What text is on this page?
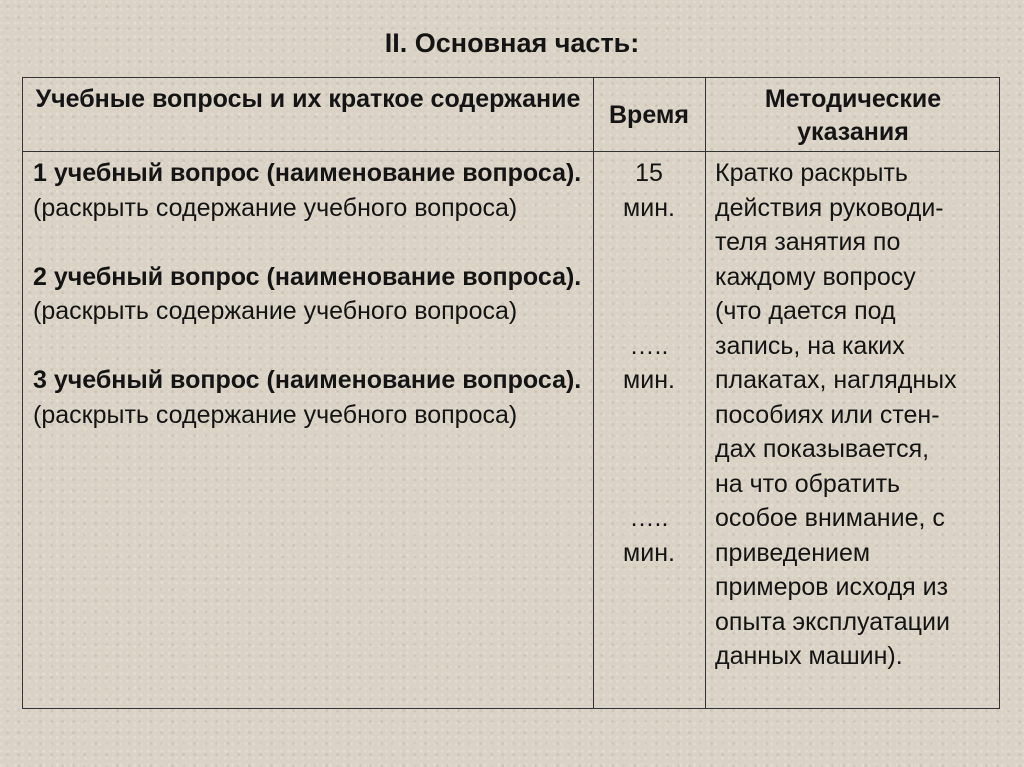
II. Основная часть:
Учебные вопросы и их краткое содержание
Время
Методические указания
1 учебный вопрос (наименование вопроса).
(раскрыть содержание учебного вопроса)
2 учебный вопрос (наименование вопроса).
(раскрыть содержание учебного вопроса)
3 учебный вопрос (наименование вопроса).
(раскрыть содержание учебного вопроса)
15
мин.
…..
мин.
…..
мин.
Кратко раскрыть
действия руководи-
теля занятия по
каждому вопросу
(что дается под
запись, на каких
плакатах, наглядных
пособиях или стен-
дах показывается,
на что обратить
особое внимание, с
приведением
примеров исходя из
опыта эксплуатации
данных машин).
